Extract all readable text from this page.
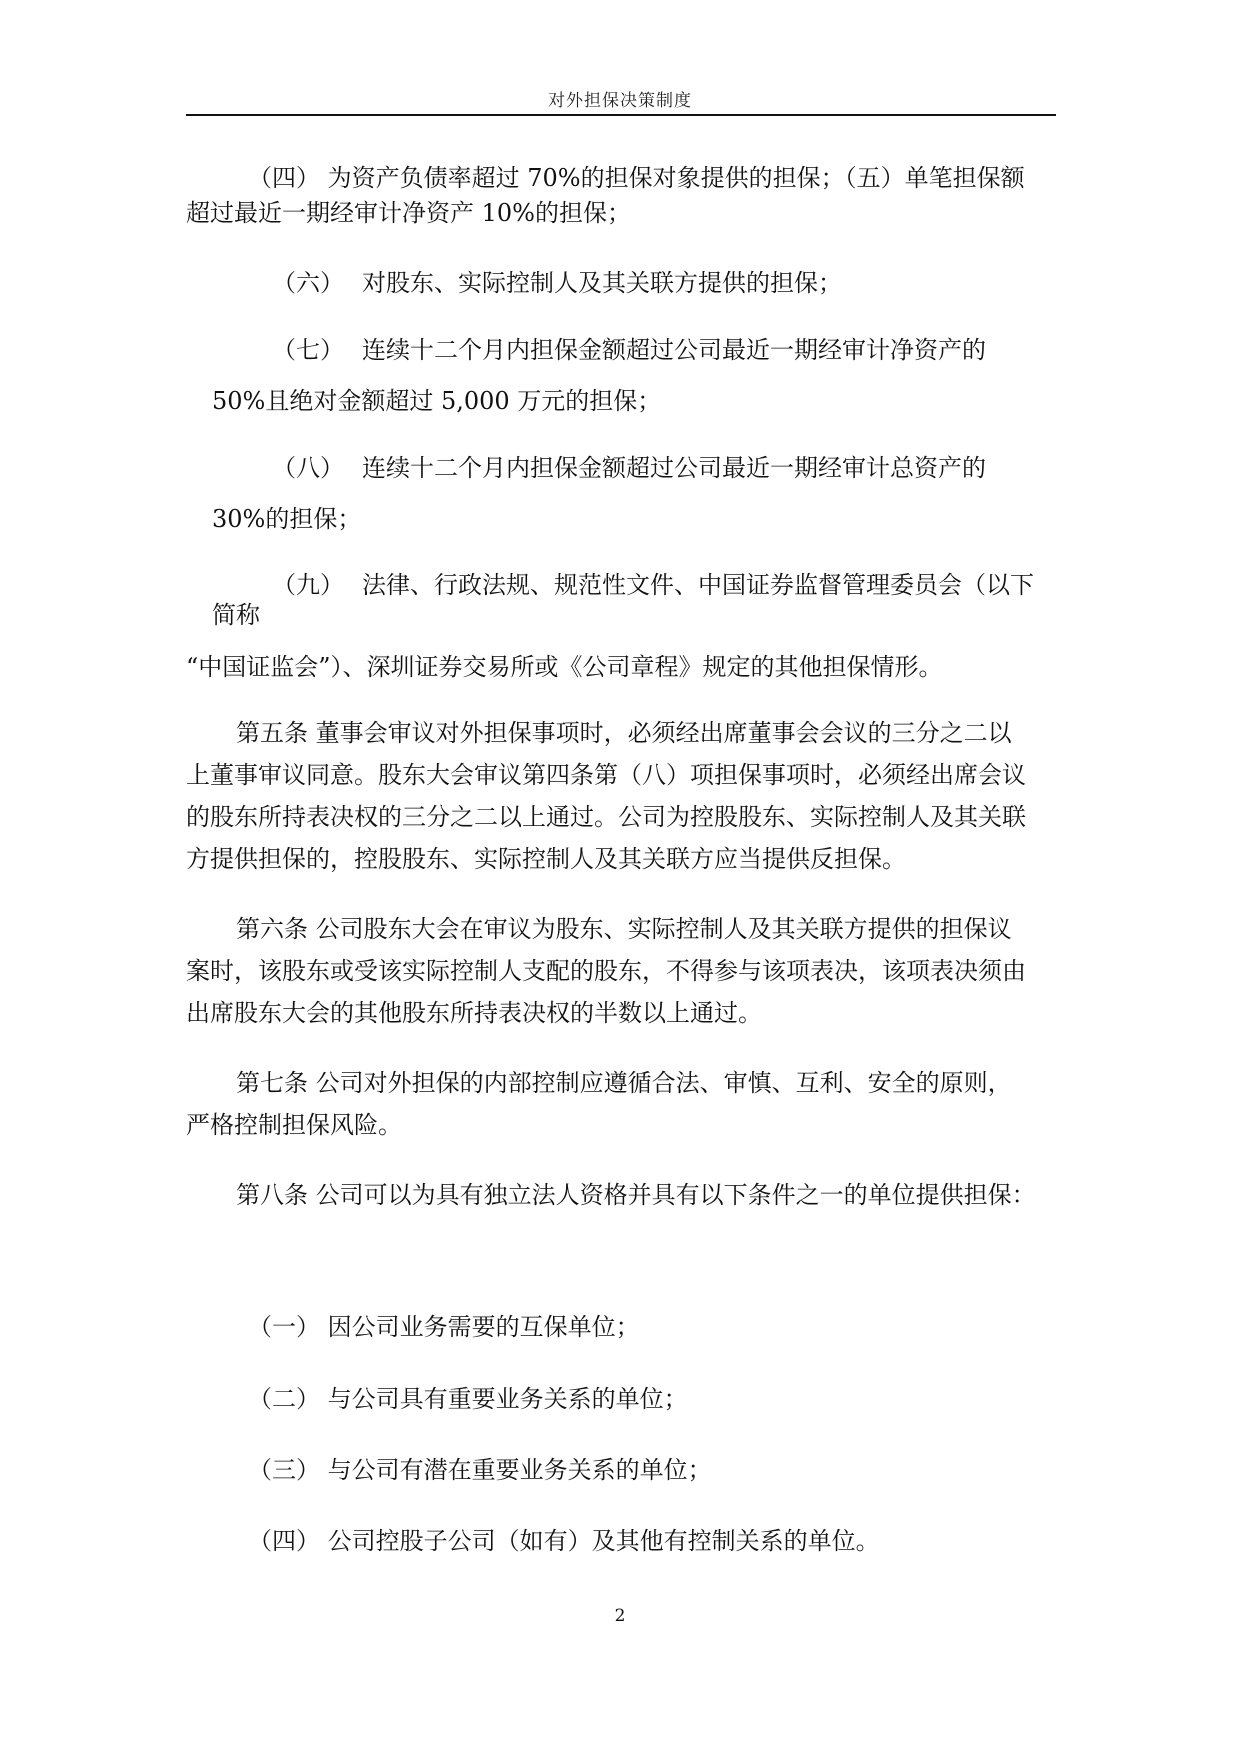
对外担保决策制度
（四） 为资产负债率超过 70%的担保对象提供的担保；（五）单笔担保额
超过最近一期经审计净资产 10%的担保；
（六） 对股东、实际控制人及其关联方提供的担保；
（七） 连续十二个月内担保金额超过公司最近一期经审计净资产的
50%且绝对金额超过 5,000 万元的担保；
（八） 连续十二个月内担保金额超过公司最近一期经审计总资产的
30%的担保；
（九） 法律、行政法规、规范性文件、中国证券监督管理委员会（以下
简称
“中国证监会”）、深圳证券交易所或《公司章程》规定的其他担保情形。
第五条 董事会审议对外担保事项时，必须经出席董事会会议的三分之二以
上董事审议同意。股东大会审议第四条第（八）项担保事项时，必须经出席会议
的股东所持表决权的三分之二以上通过。公司为控股股东、实际控制人及其关联
方提供担保的，控股股东、实际控制人及其关联方应当提供反担保。
第六条 公司股东大会在审议为股东、实际控制人及其关联方提供的担保议
案时，该股东或受该实际控制人支配的股东，不得参与该项表决，该项表决须由
出席股东大会的其他股东所持表决权的半数以上通过。
第七条 公司对外担保的内部控制应遵循合法、审慎、互利、安全的原则，
严格控制担保风险。
第八条 公司可以为具有独立法人资格并具有以下条件之一的单位提供担保：
（一） 因公司业务需要的互保单位；
（二） 与公司具有重要业务关系的单位；
（三） 与公司有潜在重要业务关系的单位；
（四） 公司控股子公司（如有）及其他有控制关系的单位。
2
